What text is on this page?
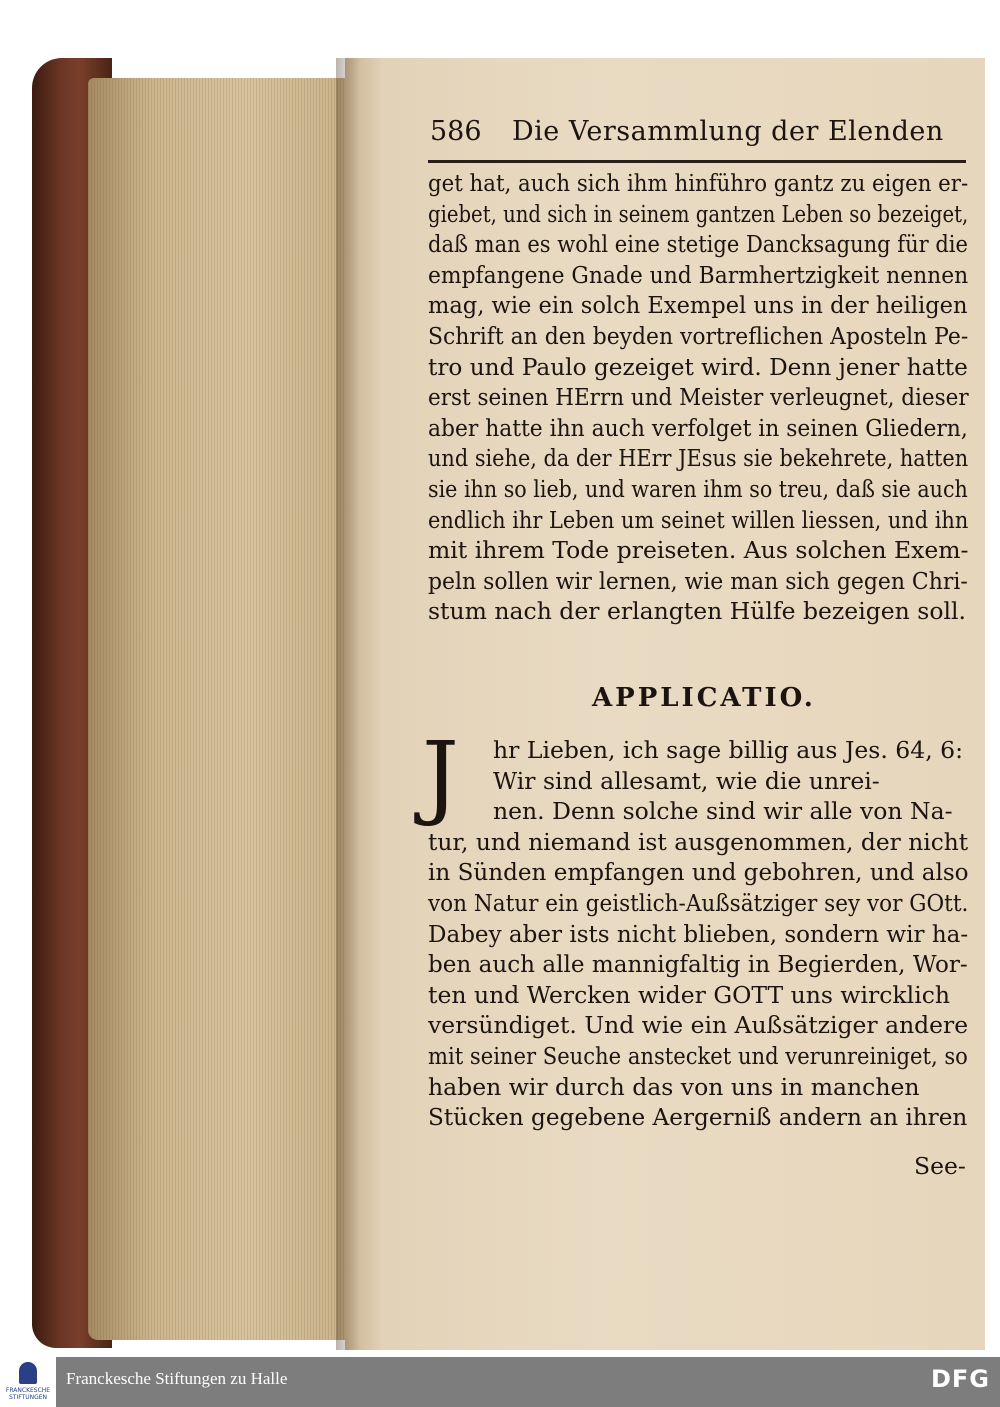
586 Die Versammlung der Elenden
get hat, auch sich ihm hinführo gantz zu eigen er-
giebet, und sich in seinem gantzen Leben so bezeiget,
daß man es wohl eine stetige Dancksagung für die
empfangene Gnade und Barmhertzigkeit nennen
mag, wie ein solch Exempel uns in der heiligen
Schrift an den beyden vortreflichen Aposteln Pe-
tro und Paulo gezeiget wird. Denn jener hatte
erst seinen HErrn und Meister verleugnet, dieser
aber hatte ihn auch verfolget in seinen Gliedern,
und siehe, da der HErr JEsus sie bekehrete, hatten
sie ihn so lieb, und waren ihm so treu, daß sie auch
endlich ihr Leben um seinet willen liessen, und ihn
mit ihrem Tode preiseten. Aus solchen Exem-
peln sollen wir lernen, wie man sich gegen Chri-
stum nach der erlangten Hülfe bezeigen soll.
APPLICATIO.
J	hr Lieben, ich sage billig aus Jes. 64, 6:
Wir sind allesamt, wie die unrei-
nen. Denn solche sind wir alle von Na-
tur, und niemand ist ausgenommen, der nicht
in Sünden empfangen und gebohren, und also
von Natur ein geistlich-Außsätziger sey vor GOtt.
Dabey aber ists nicht blieben, sondern wir ha-
ben auch alle mannigfaltig in Begierden, Wor-
ten und Wercken wider GOTT uns wircklich
versündiget. Und wie ein Außsätziger andere
mit seiner Seuche anstecket und verunreiniget, so
haben wir durch das von uns in manchen
Stücken gegebene Aergerniß andern an ihren
See-
FRANCKESCHE STIFTUNGEN
Franckesche Stiftungen zu Halle	DFG
